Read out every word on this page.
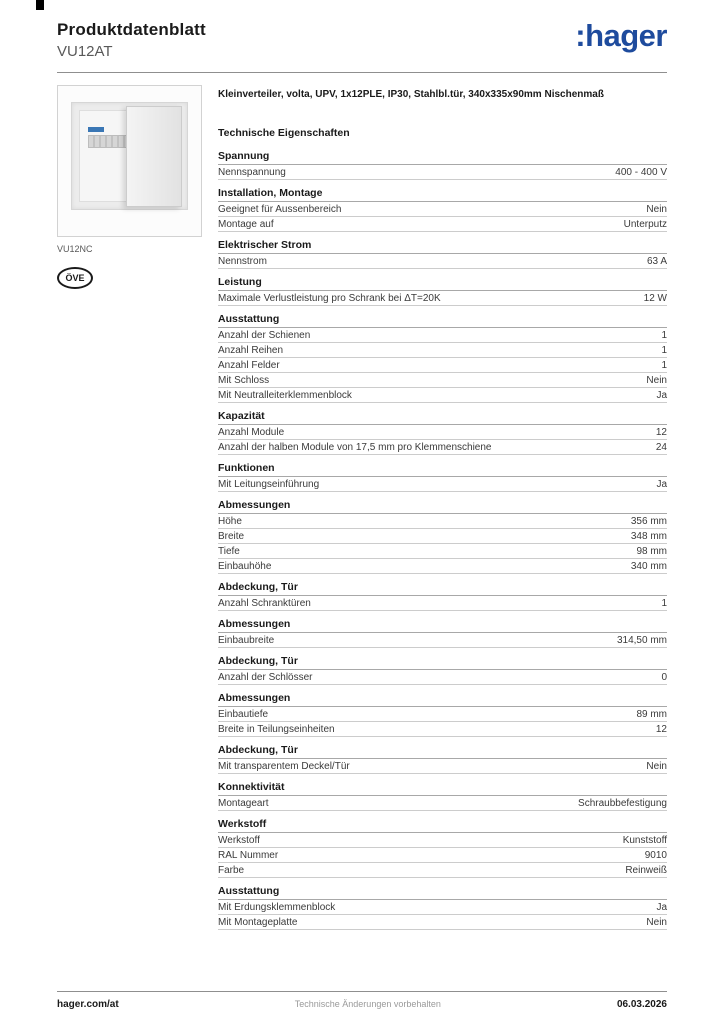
Produktdatenblatt
VU12AT	:hager
VU12NC
ÖVE
Kleinverteiler, volta, UPV, 1x12PLE, IP30, Stahlbl.tür, 340x335x90mm Nischenmaß
Technische Eigenschaften
Spannung
Nennspannung	400 - 400 V
Installation, Montage
Geeignet für Aussenbereich	Nein
Montage auf	Unterputz
Elektrischer Strom
Nennstrom	63 A
Leistung
Maximale Verlustleistung pro Schrank bei ΔT=20K	12 W
Ausstattung
Anzahl der Schienen	1
Anzahl Reihen	1
Anzahl Felder	1
Mit Schloss	Nein
Mit Neutralleiterklemmenblock	Ja
Kapazität
Anzahl Module	12
Anzahl der halben Module von 17,5 mm pro Klemmenschiene	24
Funktionen
Mit Leitungseinführung	Ja
Abmessungen
Höhe	356 mm
Breite	348 mm
Tiefe	98 mm
Einbauhöhe	340 mm
Abdeckung, Tür
Anzahl Schranktüren	1
Abmessungen
Einbaubreite	314,50 mm
Abdeckung, Tür
Anzahl der Schlösser	0
Abmessungen
Einbautiefe	89 mm
Breite in Teilungseinheiten	12
Abdeckung, Tür
Mit transparentem Deckel/Tür	Nein
Konnektivität
Montageart	Schraubbefestigung
Werkstoff
Werkstoff	Kunststoff
RAL Nummer	9010
Farbe	Reinweiß
Ausstattung
Mit Erdungsklemmenblock	Ja
Mit Montageplatte	Nein
hager.com/at	Technische Änderungen vorbehalten	06.03.2026
